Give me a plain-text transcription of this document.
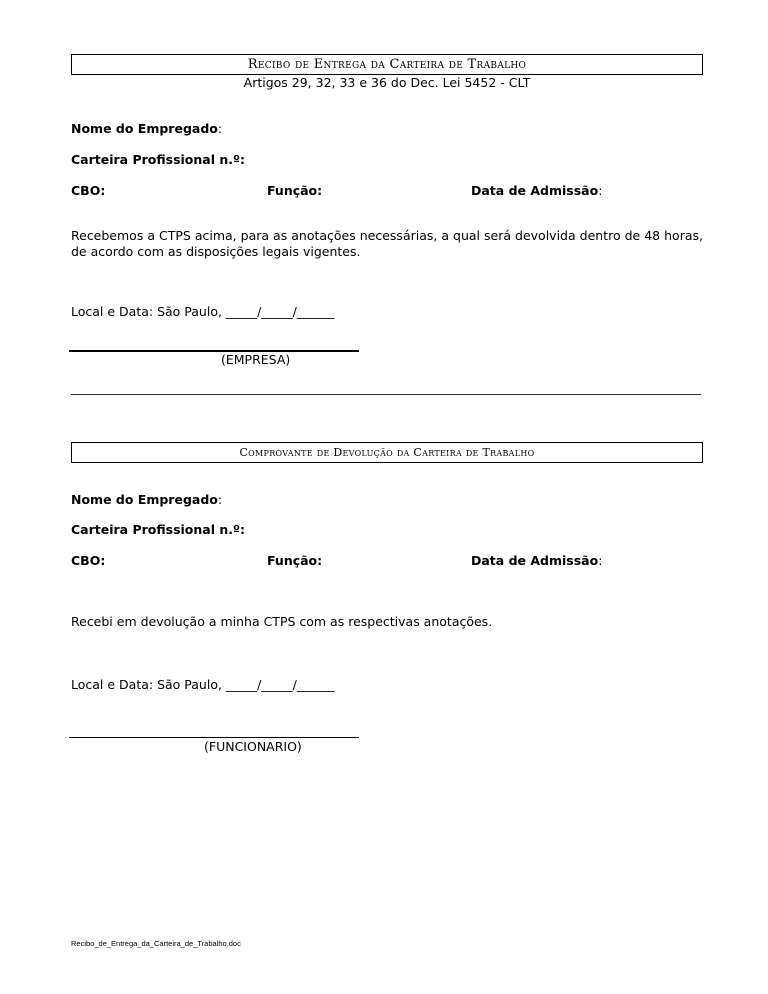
Recibo de Entrega da Carteira de Trabalho
Artigos 29, 32, 33 e 36 do Dec. Lei 5452 - CLT
Nome do Empregado:
Carteira Profissional n.º:
CBO:	Função:	Data de Admissão:
Recebemos a CTPS acima, para as anotações necessárias, a qual será devolvida dentro de 48 horas, de acordo com as disposições legais vigentes.
Local e Data: São Paulo, _____/_____/______
(EMPRESA)
Comprovante de Devolução da Carteira de Trabalho
Nome do Empregado:
Carteira Profissional n.º:
CBO:	Função:	Data de Admissão:
Recebi em devolução a minha CTPS com as respectivas anotações.
Local e Data: São Paulo, _____/_____/______
(FUNCIONARIO)
Recibo_de_Entrega_da_Carteira_de_Trabalho.doc
